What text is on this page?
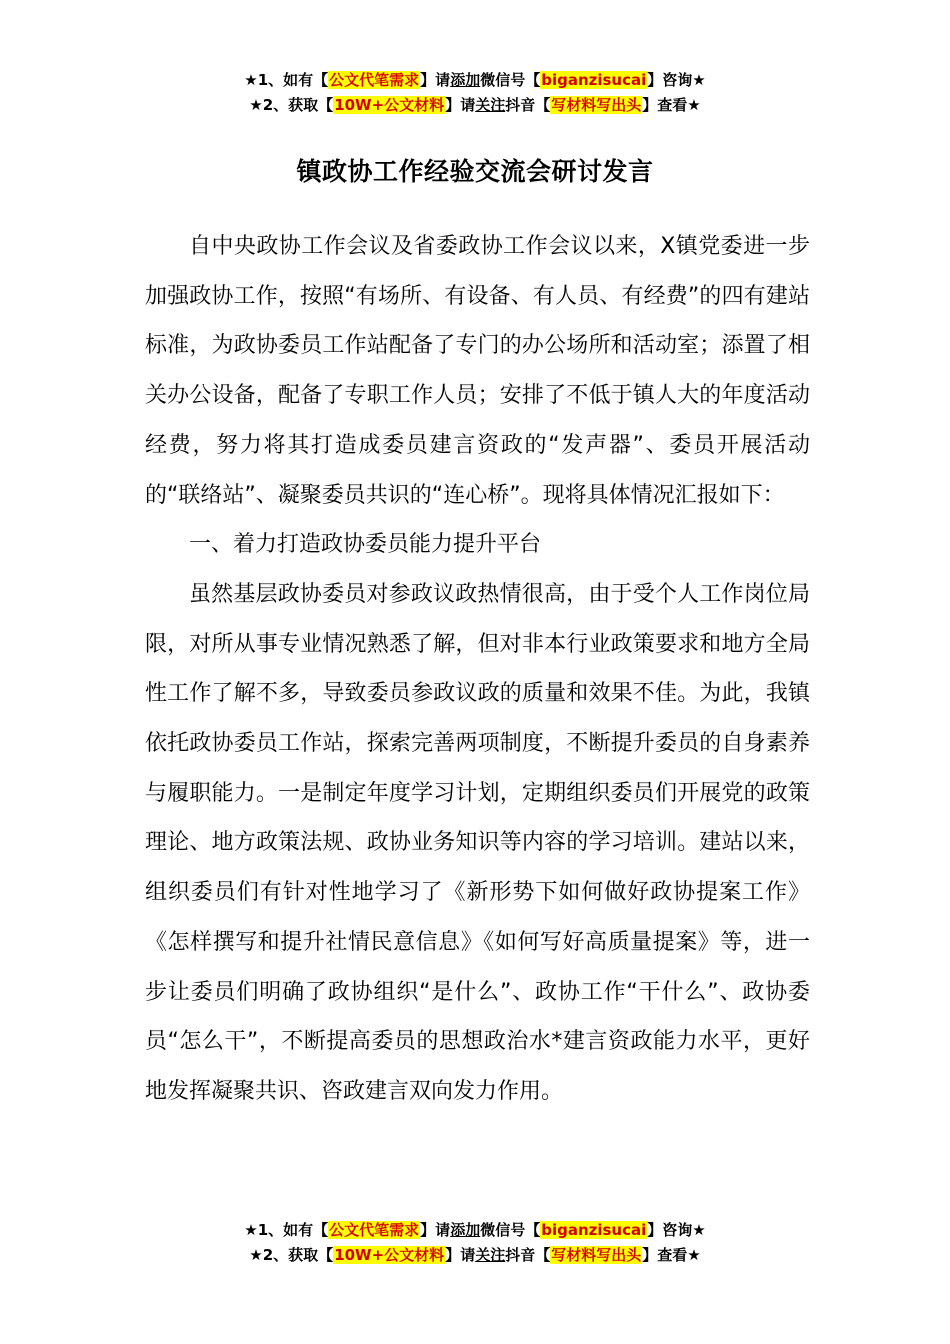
★1、如有【公文代笔需求】请添加微信号【biganzisucai】咨询★
★2、获取【10W+公文材料】请关注抖音【写材料写出头】查看★
镇政协工作经验交流会研讨发言

自中央政协工作会议及省委政协工作会议以来，X镇党委进一步加强政协工作，按照“有场所、有设备、有人员、有经费”的四有建站标准，为政协委员工作站配备了专门的办公场所和活动室；添置了相关办公设备，配备了专职工作人员；安排了不低于镇人大的年度活动经费，努力将其打造成委员建言资政的“发声器”、委员开展活动的“联络站”、凝聚委员共识的“连心桥”。现将具体情况汇报如下：

一、着力打造政协委员能力提升平台

虽然基层政协委员对参政议政热情很高，由于受个人工作岗位局限，对所从事专业情况熟悉了解，但对非本行业政策要求和地方全局性工作了解不多，导致委员参政议政的质量和效果不佳。为此，我镇依托政协委员工作站，探索完善两项制度，不断提升委员的自身素养与履职能力。一是制定年度学习计划，定期组织委员们开展党的政策理论、地方政策法规、政协业务知识等内容的学习培训。建站以来，组织委员们有针对性地学习了《新形势下如何做好政协提案工作》《怎样撰写和提升社情民意信息》《如何写好高质量提案》等，进一步让委员们明确了政协组织“是什么”、政协工作“干什么”、政协委员“怎么干”，不断提高委员的思想政治水*建言资政能力水平，更好地发挥凝聚共识、咨政建言双向发力作用。

★1、如有【公文代笔需求】请添加微信号【biganzisucai】咨询★
★2、获取【10W+公文材料】请关注抖音【写材料写出头】查看★
